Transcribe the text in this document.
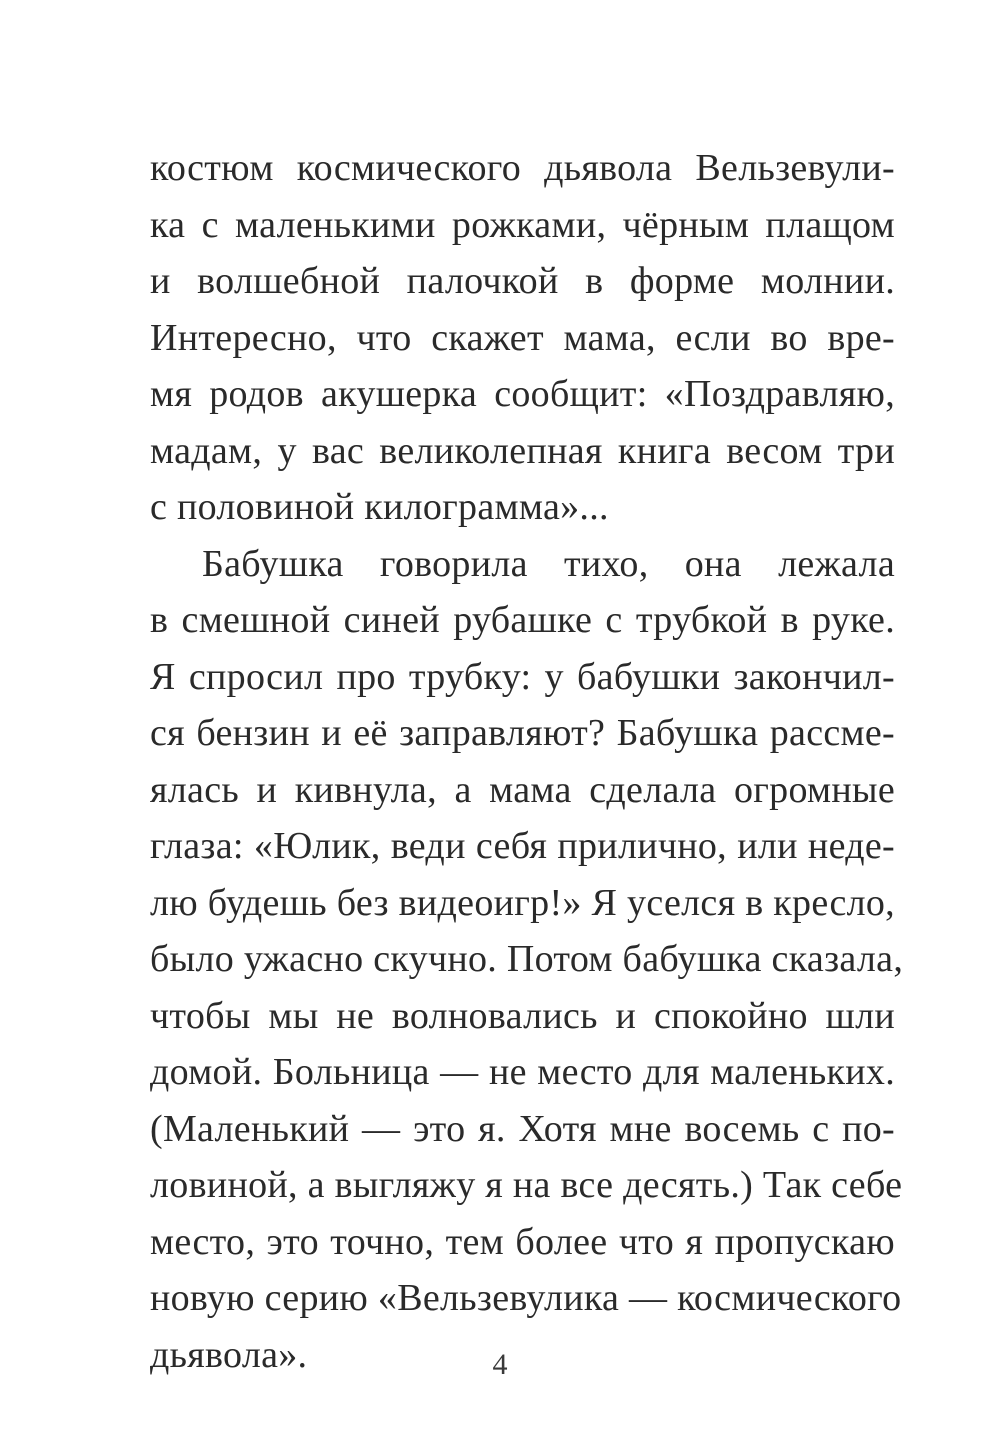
костюм космического дьявола Вельзевули-
ка с маленькими рожками, чёрным плащом
и волшебной палочкой в форме молнии.
Интересно, что скажет мама, если во вре-
мя родов акушерка сообщит: «Поздравляю,
мадам, у вас великолепная книга весом три
с половиной килограмма»...
Бабушка говорила тихо, она лежала
в смешной синей рубашке с трубкой в руке.
Я спросил про трубку: у бабушки закончил-
ся бензин и её заправляют? Бабушка рассме-
ялась и кивнула, а мама сделала огромные
глаза: «Юлик, веди себя прилично, или неде-
лю будешь без видеоигр!» Я уселся в кресло,
было ужасно скучно. Потом бабушка сказала,
чтобы мы не волновались и спокойно шли
домой. Больница — не место для маленьких.
(Маленький — это я. Хотя мне восемь с по-
ловиной, а выгляжу я на все десять.) Так себе
место, это точно, тем более что я пропускаю
новую серию «Вельзевулика — космического
дьявола».	4
